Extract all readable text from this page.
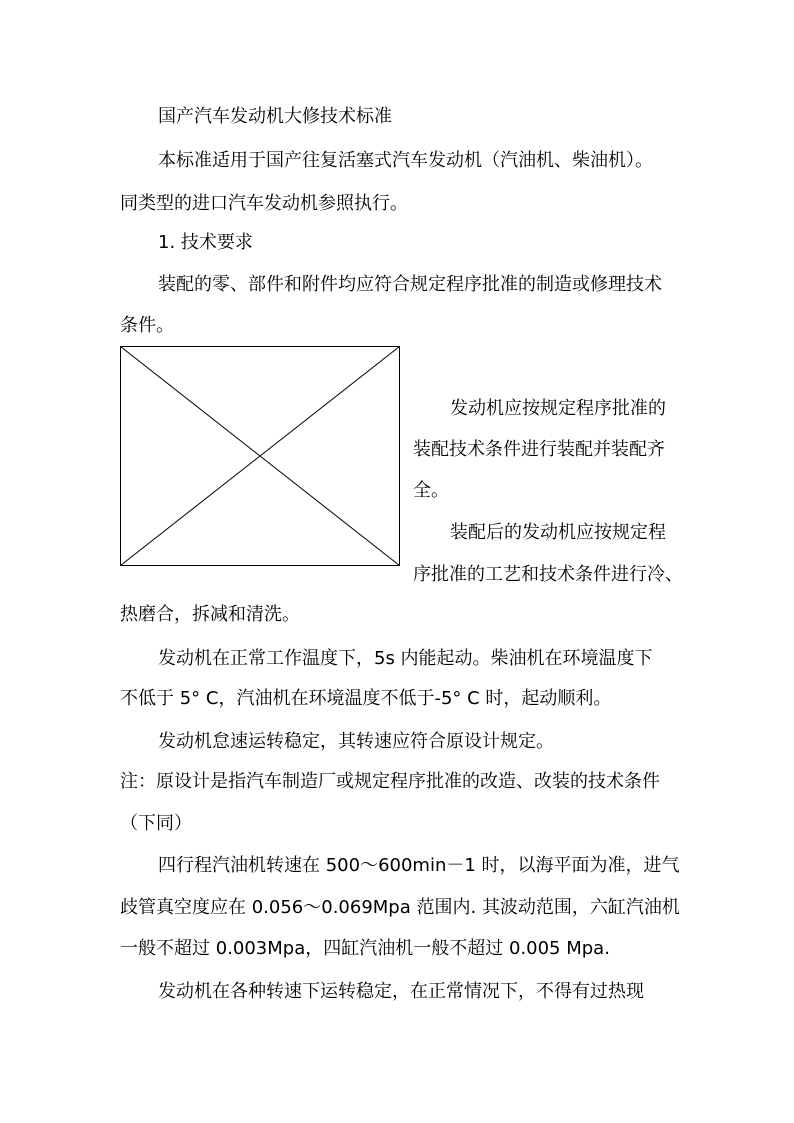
国产汽车发动机大修技术标准

本标准适用于国产往复活塞式汽车发动机（汽油机、柴油机）。

同类型的进口汽车发动机参照执行。

1. 技术要求

装配的零、部件和附件均应符合规定程序批准的制造或修理技术

条件。

发动机应按规定程序批准的

装配技术条件进行装配并装配齐

全。

装配后的发动机应按规定程

序批准的工艺和技术条件进行冷、

热磨合，拆减和清洗。

发动机在正常工作温度下，5s 内能起动。柴油机在环境温度下

不低于 5° C，汽油机在环境温度不低于-5° C 时，起动顺利。

发动机怠速运转稳定，其转速应符合原设计规定。

注：原设计是指汽车制造厂或规定程序批准的改造、改装的技术条件

（下同）

四行程汽油机转速在 500～600min－1 时，以海平面为准，进气

歧管真空度应在 0.056～0.069Mpa 范围内. 其波动范围，六缸汽油机

一般不超过 0.003Mpa，四缸汽油机一般不超过 0.005 Mpa.

发动机在各种转速下运转稳定，在正常情况下，不得有过热现
